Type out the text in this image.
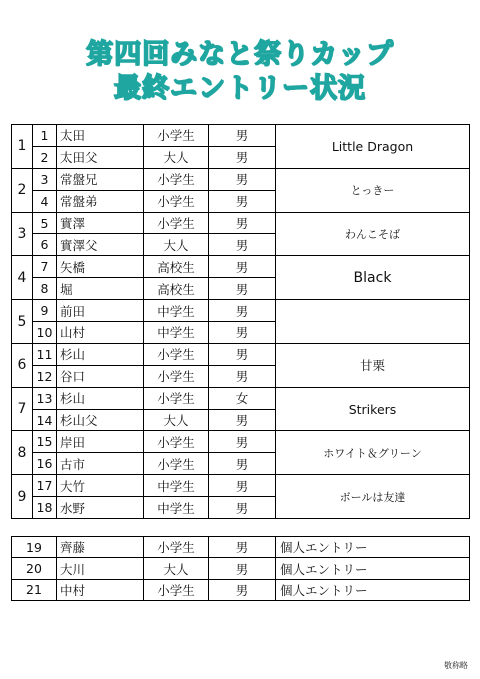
第四回みなと祭りカップ
最終エントリー状況
1	1	太田	小学生	男	Little Dragon
	2	太田父	大人	男	
2	3	常盤兄	小学生	男	とっきー
	4	常盤弟	小学生	男	
3	5	實澤	小学生	男	わんこそば
	6	實澤父	大人	男	
4	7	矢橋	高校生	男	Black
	8	堀	高校生	男	
5	9	前田	中学生	男	
	10	山村	中学生	男	
6	11	杉山	小学生	男	甘栗
	12	谷口	小学生	男	
7	13	杉山	小学生	女	Strikers
	14	杉山父	大人	男	
8	15	岸田	小学生	男	ホワイト＆グリーン
	16	古市	小学生	男	
9	17	大竹	中学生	男	ボールは友達
	18	水野	中学生	男	
19	齊藤	小学生	男	個人エントリー
20	大川	大人	男	個人エントリー
21	中村	小学生	男	個人エントリー
敬称略
